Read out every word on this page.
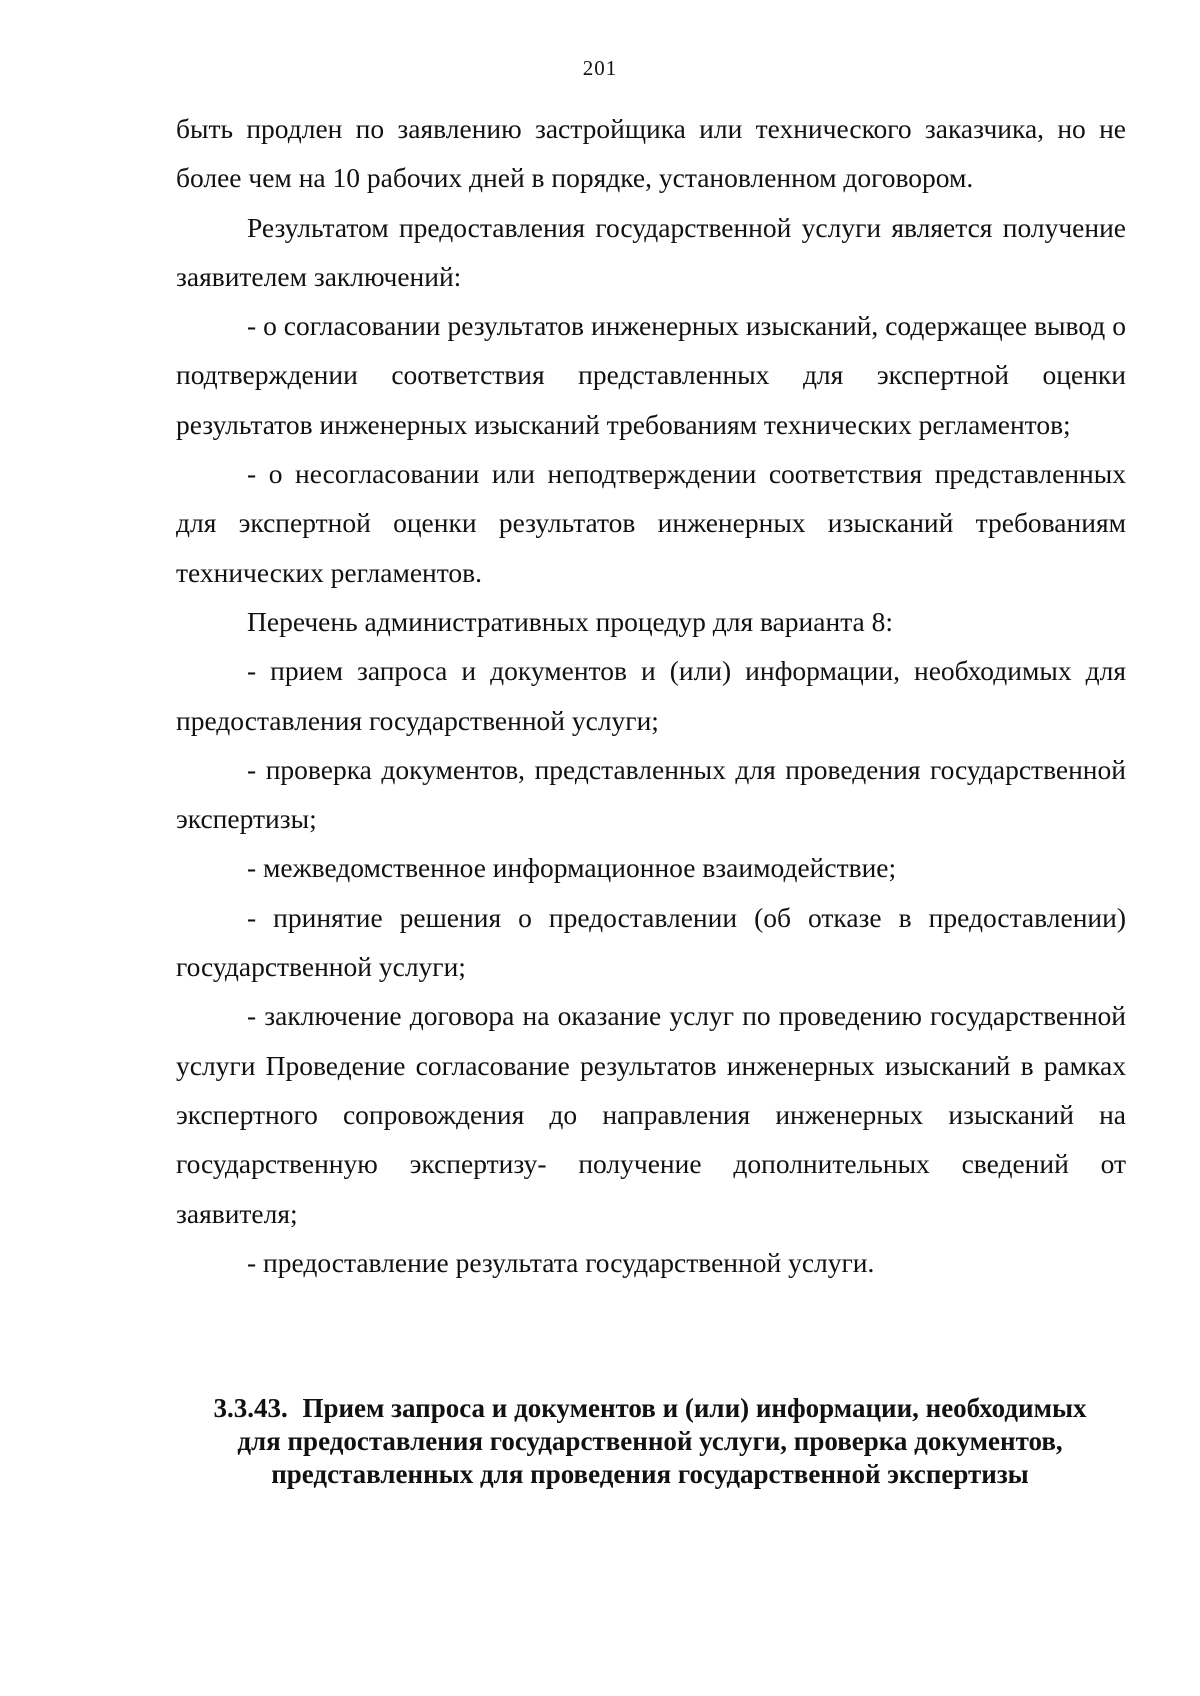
201

быть продлен по заявлению застройщика или технического заказчика, но не более чем на 10 рабочих дней в порядке, установленном договором.

Результатом предоставления государственной услуги является получение заявителем заключений:

- о согласовании результатов инженерных изысканий, содержащее вывод о подтверждении соответствия представленных для экспертной оценки результатов инженерных изысканий требованиям технических регламентов;

- о несогласовании или неподтверждении соответствия представленных для экспертной оценки результатов инженерных изысканий требованиям технических регламентов.

Перечень административных процедур для варианта 8:

- прием запроса и документов и (или) информации, необходимых для предоставления государственной услуги;

- проверка документов, представленных для проведения государственной экспертизы;

- межведомственное информационное взаимодействие;

- принятие решения о предоставлении (об отказе в предоставлении) государственной услуги;

- заключение договора на оказание услуг по проведению государственной услуги Проведение согласование результатов инженерных изысканий в рамках экспертного сопровождения до направления инженерных изысканий на государственную экспертизу- получение дополнительных сведений от заявителя;

- предоставление результата государственной услуги.

3.3.43. Прием запроса и документов и (или) информации, необходимых для предоставления государственной услуги, проверка документов, представленных для проведения государственной экспертизы
